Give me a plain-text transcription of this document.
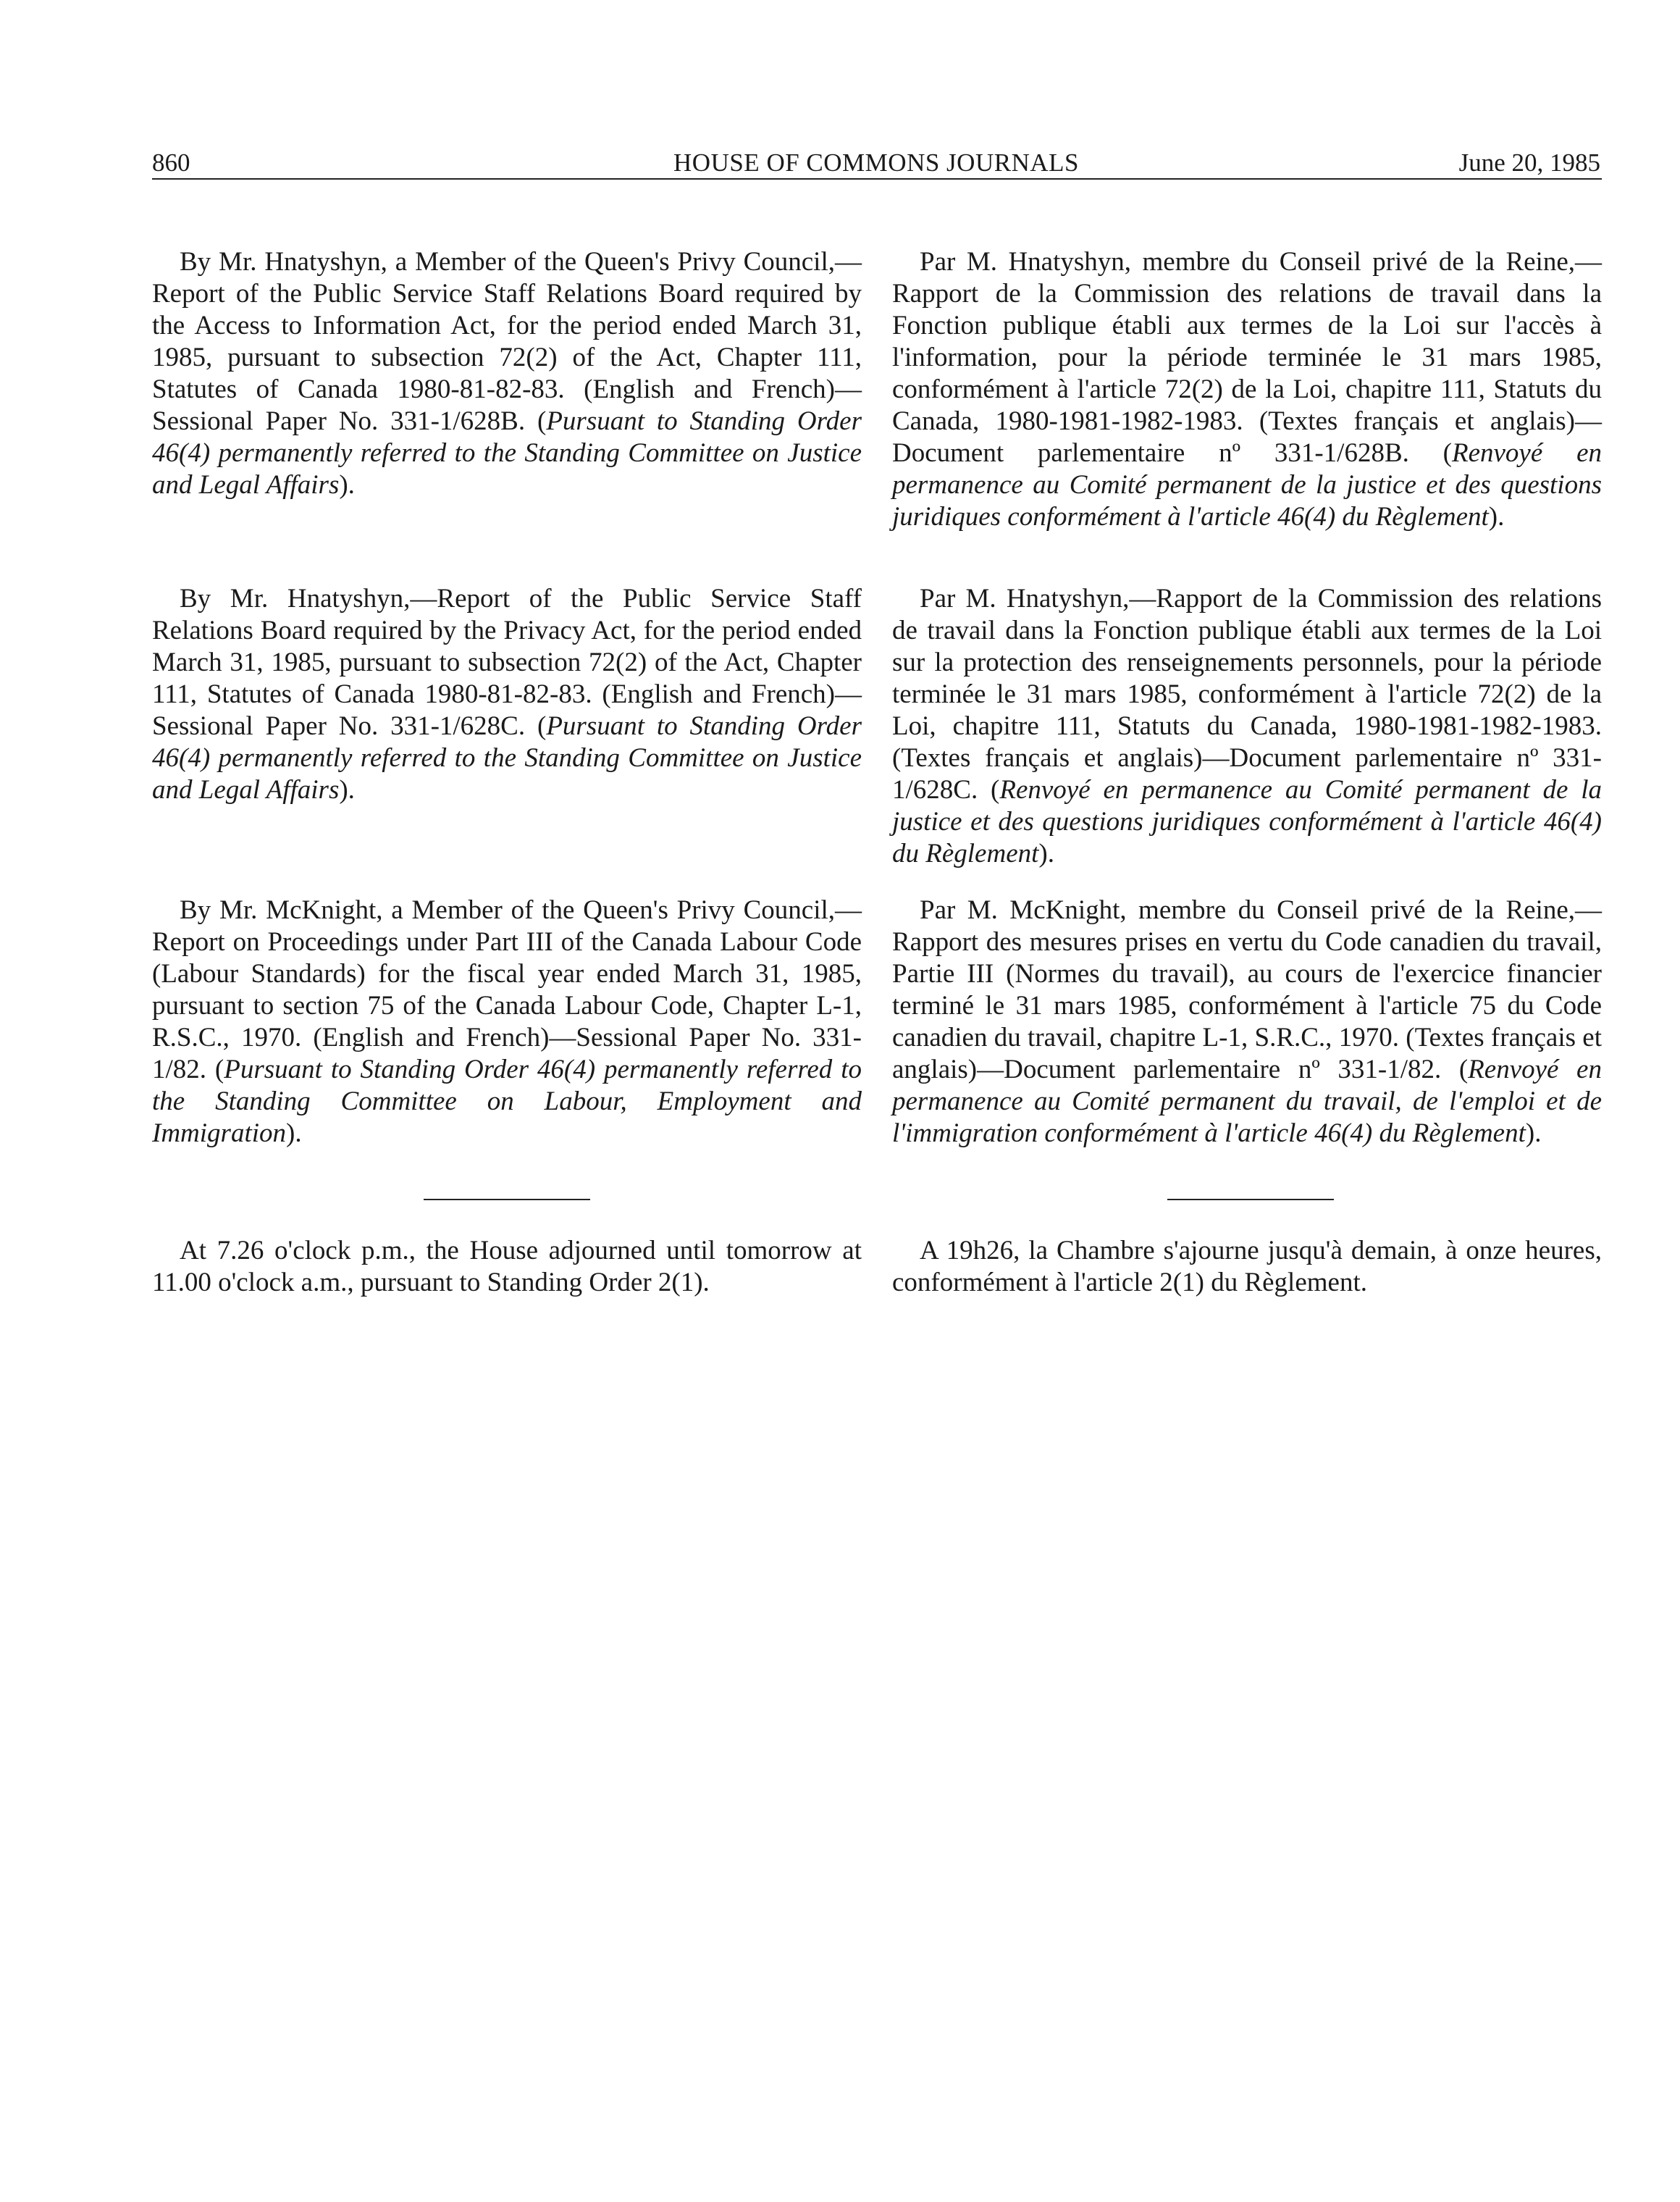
860	HOUSE OF COMMONS JOURNALS	June 20, 1985

By Mr. Hnatyshyn, a Member of the Queen's Privy Council,—Report of the Public Service Staff Relations Board required by the Access to Information Act, for the period ended March 31, 1985, pursuant to subsection 72(2) of the Act, Chapter 111, Statutes of Canada 1980-81-82-83. (English and French)—Sessional Paper No. 331-1/628B. (Pursuant to Standing Order 46(4) permanently referred to the Standing Committee on Justice and Legal Affairs).

By Mr. Hnatyshyn,—Report of the Public Service Staff Relations Board required by the Privacy Act, for the period ended March 31, 1985, pursuant to subsection 72(2) of the Act, Chapter 111, Statutes of Canada 1980-81-82-83. (English and French)—Sessional Paper No. 331-1/628C. (Pursuant to Standing Order 46(4) permanently referred to the Standing Committee on Justice and Legal Affairs).

By Mr. McKnight, a Member of the Queen's Privy Council,—Report on Proceedings under Part III of the Canada Labour Code (Labour Standards) for the fiscal year ended March 31, 1985, pursuant to section 75 of the Canada Labour Code, Chapter L-1, R.S.C., 1970. (English and French)—Sessional Paper No. 331-1/82. (Pursuant to Standing Order 46(4) permanently referred to the Standing Committee on Labour, Employment and Immigration).

At 7.26 o'clock p.m., the House adjourned until tomorrow at 11.00 o'clock a.m., pursuant to Standing Order 2(1).

Par M. Hnatyshyn, membre du Conseil privé de la Reine,—Rapport de la Commission des relations de travail dans la Fonction publique établi aux termes de la Loi sur l'accès à l'information, pour la période terminée le 31 mars 1985, conformément à l'article 72(2) de la Loi, chapitre 111, Statuts du Canada, 1980-1981-1982-1983. (Textes français et anglais)—Document parlementaire nº 331-1/628B. (Renvoyé en permanence au Comité permanent de la justice et des questions juridiques conformément à l'article 46(4) du Règlement).

Par M. Hnatyshyn,—Rapport de la Commission des relations de travail dans la Fonction publique établi aux termes de la Loi sur la protection des renseignements personnels, pour la période terminée le 31 mars 1985, conformément à l'article 72(2) de la Loi, chapitre 111, Statuts du Canada, 1980-1981-1982-1983. (Textes français et anglais)—Document parlementaire nº 331-1/628C. (Renvoyé en permanence au Comité permanent de la justice et des questions juridiques conformément à l'article 46(4) du Règlement).

Par M. McKnight, membre du Conseil privé de la Reine,—Rapport des mesures prises en vertu du Code canadien du travail, Partie III (Normes du travail), au cours de l'exercice financier terminé le 31 mars 1985, conformément à l'article 75 du Code canadien du travail, chapitre L-1, S.R.C., 1970. (Textes français et anglais)—Document parlementaire nº 331-1/82. (Renvoyé en permanence au Comité permanent du travail, de l'emploi et de l'immigration conformément à l'article 46(4) du Règlement).

A 19h26, la Chambre s'ajourne jusqu'à demain, à onze heures, conformément à l'article 2(1) du Règlement.
